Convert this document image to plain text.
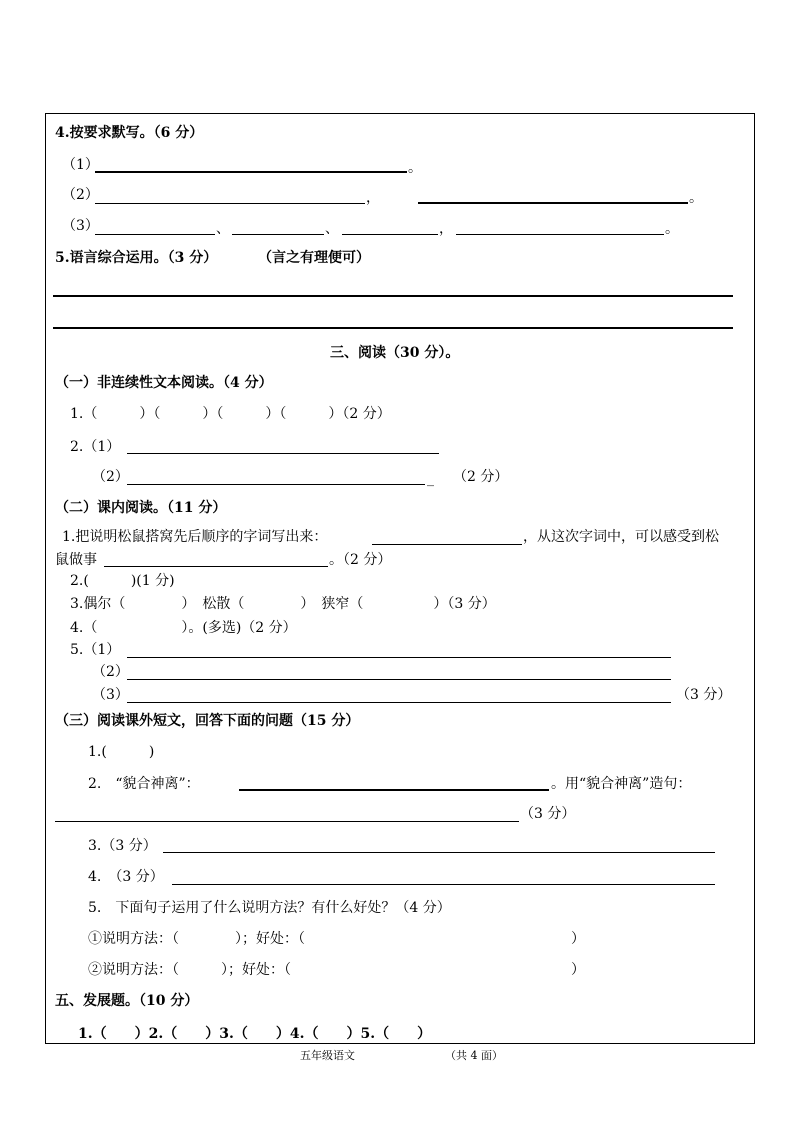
4.按要求默写。（6 分）
（1）	。
（2）	，	。
（3）	、	、	，	。
5.语言综合运用。（3 分）	（言之有理便可）
三、阅读（30 分）。
（一）非连续性文本阅读。（4 分）
1.（　　　）（　　　）（　　　）（　　　）（2 分）
2.（1）
（2）	_ （2 分）
（二）课内阅读。（11 分）
1.把说明松鼠搭窝先后顺序的字词写出来：	，从这次字词中，可以感受到松
鼠做事	。（2 分）
2.(　　　)(1 分)
3.偶尔（　　　　）　松散（　　　　）　狭窄（　　　　　）（3 分）
4.（　　　　　　）。(多选)（2 分）
5.（1）
（2）
（3）	（3 分）
（三）阅读课外短文，回答下面的问题（15 分）
1.(　　　)
2.　“貌合神离”：	。用“貌合神离”造句：
（3 分）
3.（3 分）
4.　（3 分）
5.　下面句子运用了什么说明方法？有什么好处？（4 分）
①说明方法：（　　　　）；好处：（　　　　　　　　　　　　　　　　　　　）
②说明方法：（　　　）；好处：（　　　　　　　　　　　　　　　　　　　　）
五、发展题。（10 分）
1.（　　）2.（　　）3.（　　）4.（　　）5.（　　）
五年级语文	（共 4 面）
